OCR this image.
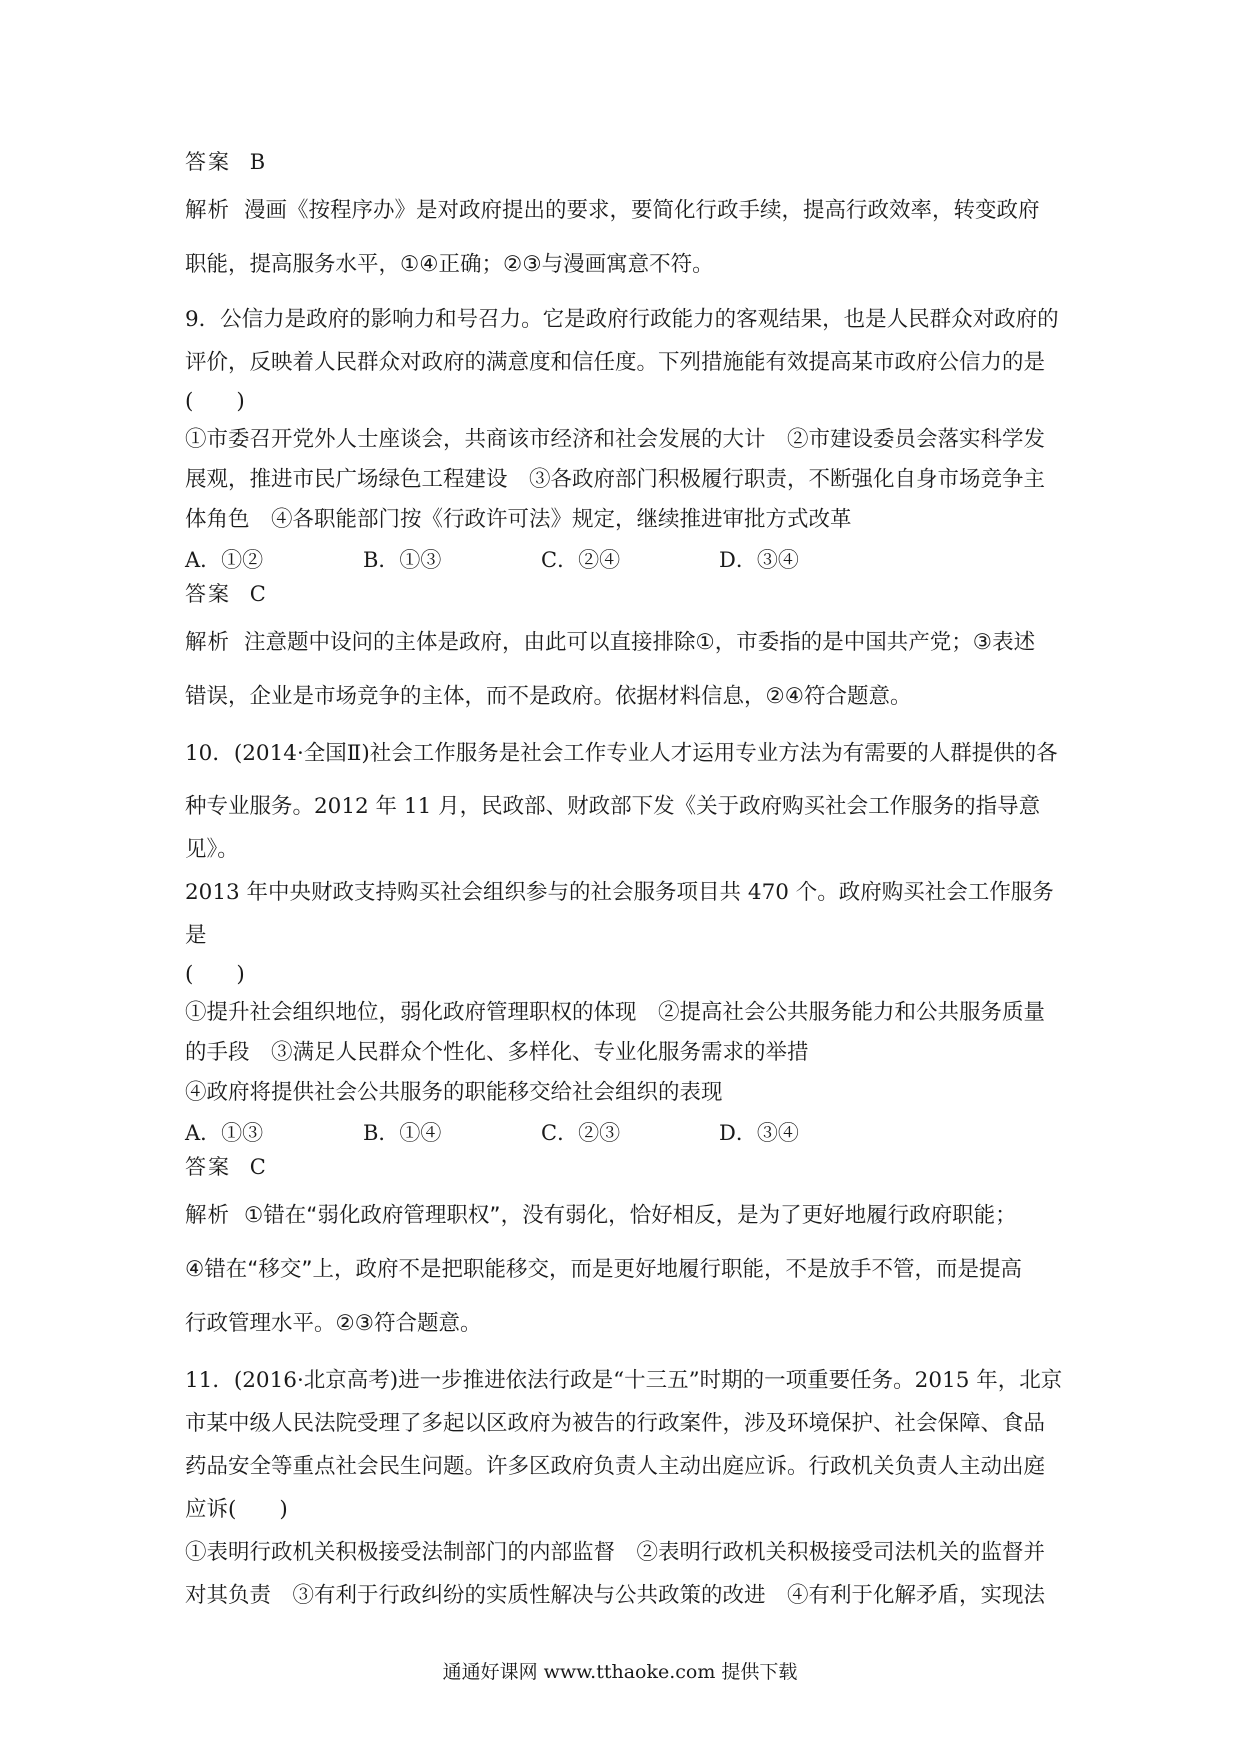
答案 B
解析 漫画《按程序办》是对政府提出的要求，要简化行政手续，提高行政效率，转变政府
职能，提高服务水平，①④正确；②③与漫画寓意不符。
9．公信力是政府的影响力和号召力。它是政府行政能力的客观结果，也是人民群众对政府的
评价，反映着人民群众对政府的满意度和信任度。下列措施能有效提高某市政府公信力的是
(　　)
①市委召开党外人士座谈会，共商该市经济和社会发展的大计　②市建设委员会落实科学发
展观，推进市民广场绿色工程建设　③各政府部门积极履行职责，不断强化自身市场竞争主
体角色　④各职能部门按《行政许可法》规定，继续推进审批方式改革
A．①②	B．①③	C．②④	D．③④
答案 C
解析 注意题中设问的主体是政府，由此可以直接排除①，市委指的是中国共产党；③表述
错误，企业是市场竞争的主体，而不是政府。依据材料信息，②④符合题意。
10．(2014·全国Ⅱ)社会工作服务是社会工作专业人才运用专业方法为有需要的人群提供的各
种专业服务。2012 年 11 月，民政部、财政部下发《关于政府购买社会工作服务的指导意见》。
2013 年中央财政支持购买社会组织参与的社会服务项目共 470 个。政府购买社会工作服务是
(　　)
①提升社会组织地位，弱化政府管理职权的体现　②提高社会公共服务能力和公共服务质量
的手段　③满足人民群众个性化、多样化、专业化服务需求的举措
④政府将提供社会公共服务的职能移交给社会组织的表现
A．①③	B．①④	C．②③	D．③④
答案 C
解析 ①错在“弱化政府管理职权”，没有弱化，恰好相反，是为了更好地履行政府职能；
④错在“移交”上，政府不是把职能移交，而是更好地履行职能，不是放手不管，而是提高
行政管理水平。②③符合题意。
11．(2016·北京高考)进一步推进依法行政是“十三五”时期的一项重要任务。2015 年，北京
市某中级人民法院受理了多起以区政府为被告的行政案件，涉及环境保护、社会保障、食品
药品安全等重点社会民生问题。许多区政府负责人主动出庭应诉。行政机关负责人主动出庭
应诉(　　)
①表明行政机关积极接受法制部门的内部监督　②表明行政机关积极接受司法机关的监督并
对其负责　③有利于行政纠纷的实质性解决与公共政策的改进　④有利于化解矛盾，实现法
通通好课网 www.tthaoke.com 提供下载
